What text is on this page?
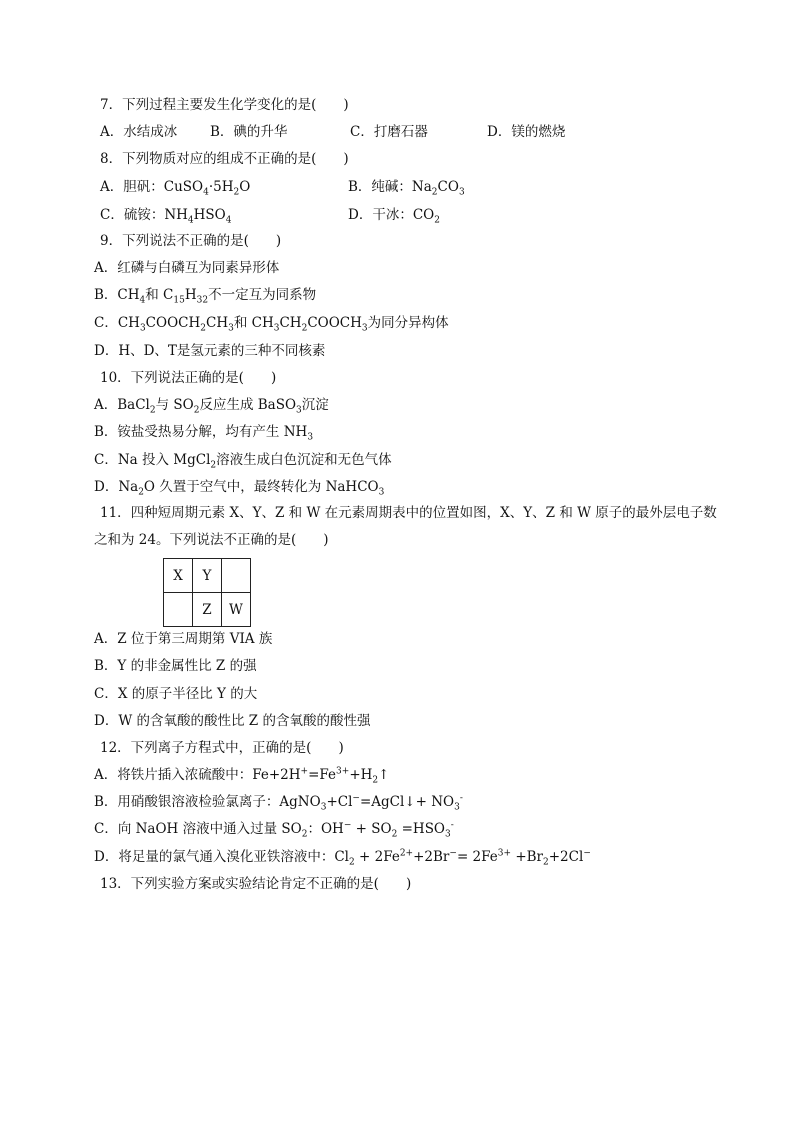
7．下列过程主要发生化学变化的是(　　)
A．水结成冰	B．碘的升华	C．打磨石器	D．镁的燃烧
8．下列物质对应的组成不正确的是(　　)
A．胆矾：$CuSO_4\cdot 5H_2O$	B．纯碱：$Na_2CO_3$
C．硫铵：$NH_4HSO_4$	D．干冰：$CO_2$
9．下列说法不正确的是(　　)
A．红磷与白磷互为同素异形体
B．$CH_4$和 $C_{15}H_{32}$不一定互为同系物
C．$CH_3COOCH_2CH_3$和 $CH_3CH_2COOCH_3$为同分异构体
D．H、D、T是氢元素的三种不同核素
10．下列说法正确的是(　　)
A．BaCl$_2$与 $SO_2$反应生成 BaSO$_3$沉淀
B．铵盐受热易分解，均有产生 $NH_3$
C．Na 投入 MgCl$_2$溶液生成白色沉淀和无色气体
D．$Na_2O$ 久置于空气中，最终转化为 NaHCO$_3$
11．四种短周期元素 X、Y、Z 和 W 在元素周期表中的位置如图，X、Y、Z 和 W 原子的最外层电子数
之和为 24。下列说法不正确的是(　　)
X	Y	
	Z	W
A．Z 位于第三周期第 VIA 族
B．Y 的非金属性比 Z 的强
C．X 的原子半径比 Y 的大
D．W 的含氧酸的酸性比 Z 的含氧酸的酸性强
12．下列离子方程式中，正确的是(　　)
A．将铁片插入浓硫酸中：$Fe+2H^+=Fe^{3+}+H_2↑$
B．用硝酸银溶液检验氯离子：AgNO$_3$+Cl−=AgCl↓+ $NO_3^-$
C．向 NaOH 溶液中通入过量 $SO_2$：$OH^- + SO_2 =HSO_3^-$
D．将足量的氯气通入溴化亚铁溶液中：$Cl_2 + 2Fe^{2+}+2Br^-= 2Fe^{3+} +Br_2+2Cl^-$
13．下列实验方案或实验结论肯定不正确的是(　　)
